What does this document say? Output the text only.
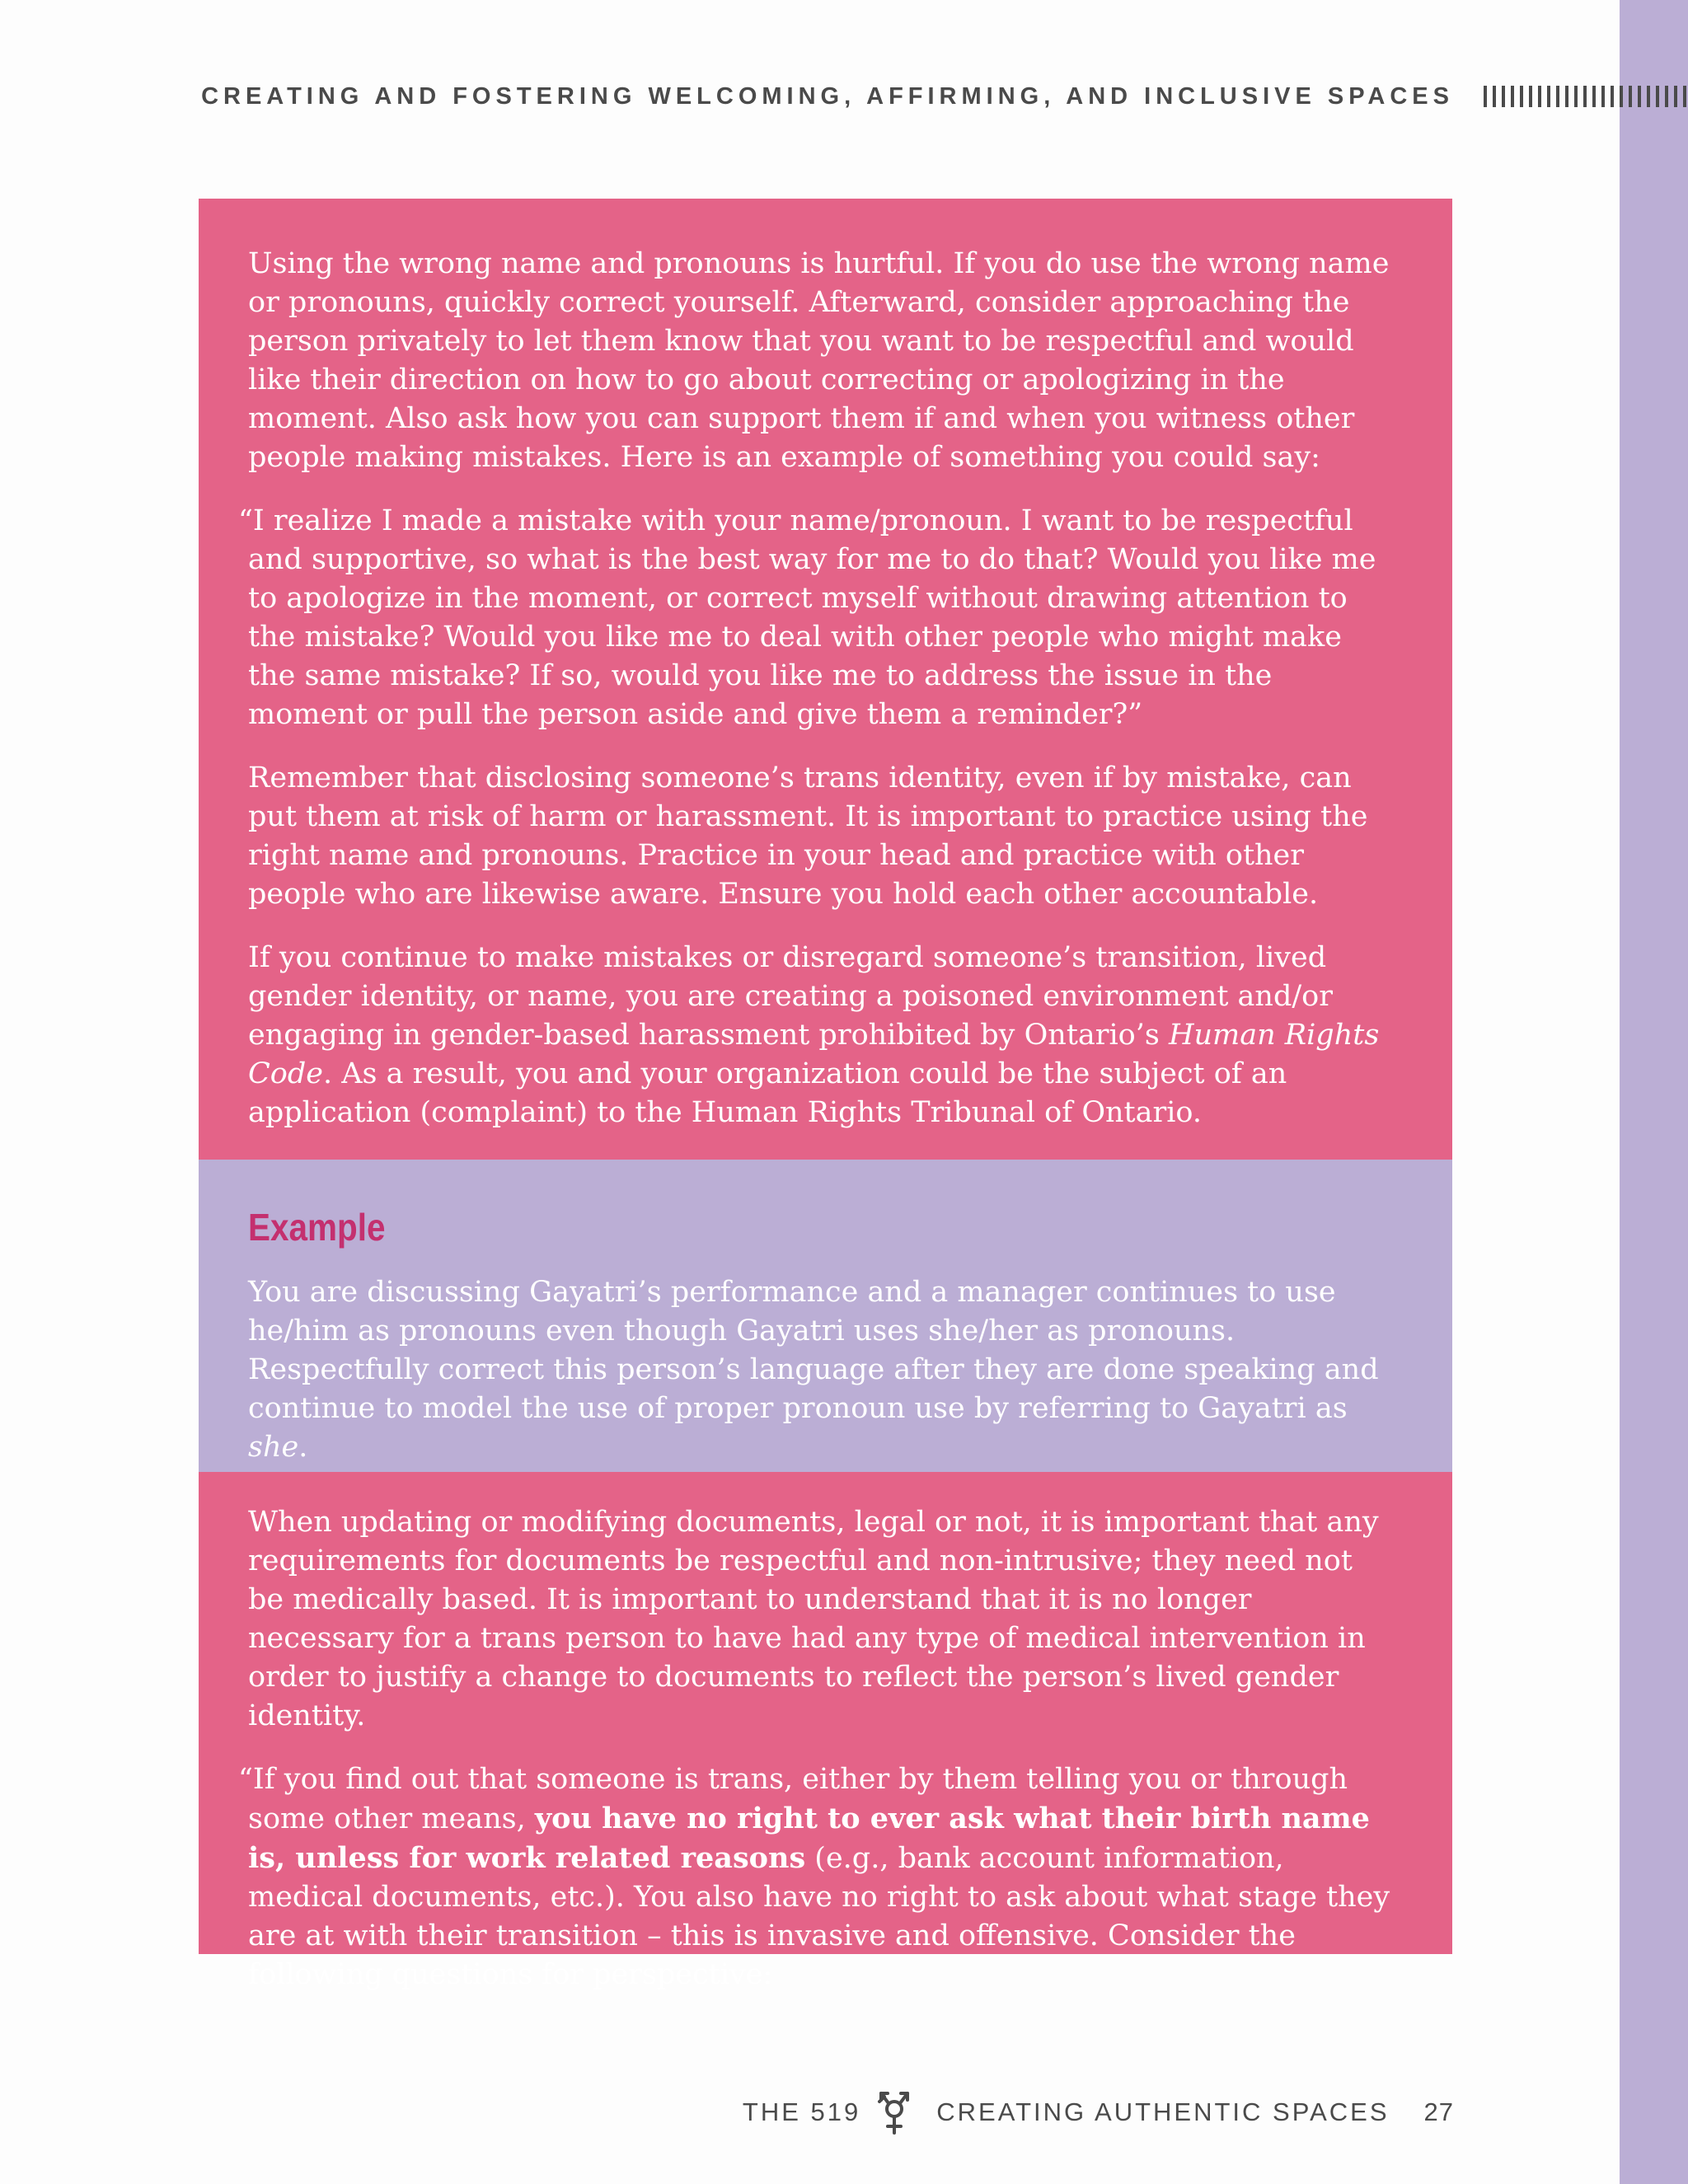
CREATING AND FOSTERING WELCOMING, AFFIRMING, AND INCLUSIVE SPACES

Using the wrong name and pronouns is hurtful. If you do use the wrong name or pronouns, quickly correct yourself. Afterward, consider approaching the person privately to let them know that you want to be respectful and would like their direction on how to go about correcting or apologizing in the moment. Also ask how you can support them if and when you witness other people making mistakes. Here is an example of something you could say:

“I realize I made a mistake with your name/pronoun. I want to be respectful and supportive, so what is the best way for me to do that? Would you like me to apologize in the moment, or correct myself without drawing attention to the mistake? Would you like me to deal with other people who might make the same mistake? If so, would you like me to address the issue in the moment or pull the person aside and give them a reminder?”

Remember that disclosing someone’s trans identity, even if by mistake, can put them at risk of harm or harassment. It is important to practice using the right name and pronouns. Practice in your head and practice with other people who are likewise aware. Ensure you hold each other accountable.

If you continue to make mistakes or disregard someone’s transition, lived gender identity, or name, you are creating a poisoned environment and/or engaging in gender-based harassment prohibited by Ontario’s Human Rights Code. As a result, you and your organization could be the subject of an application (complaint) to the Human Rights Tribunal of Ontario.

Example

You are discussing Gayatri’s performance and a manager continues to use he/him as pronouns even though Gayatri uses she/her as pronouns. Respectfully correct this person’s language after they are done speaking and continue to model the use of proper pronoun use by referring to Gayatri as she.

When updating or modifying documents, legal or not, it is important that any requirements for documents be respectful and non-intrusive; they need not be medically based. It is important to understand that it is no longer necessary for a trans person to have had any type of medical intervention in order to justify a change to documents to reflect the person’s lived gender identity.

“If you find out that someone is trans, either by them telling you or through some other means, you have no right to ever ask what their birth name is, unless for work related reasons (e.g., bank account information, medical documents, etc.). You also have no right to ask about what stage they are at with their transition – this is invasive and offensive. Consider the following questions for perspective:

THE 519	CREATING AUTHENTIC SPACES 27
